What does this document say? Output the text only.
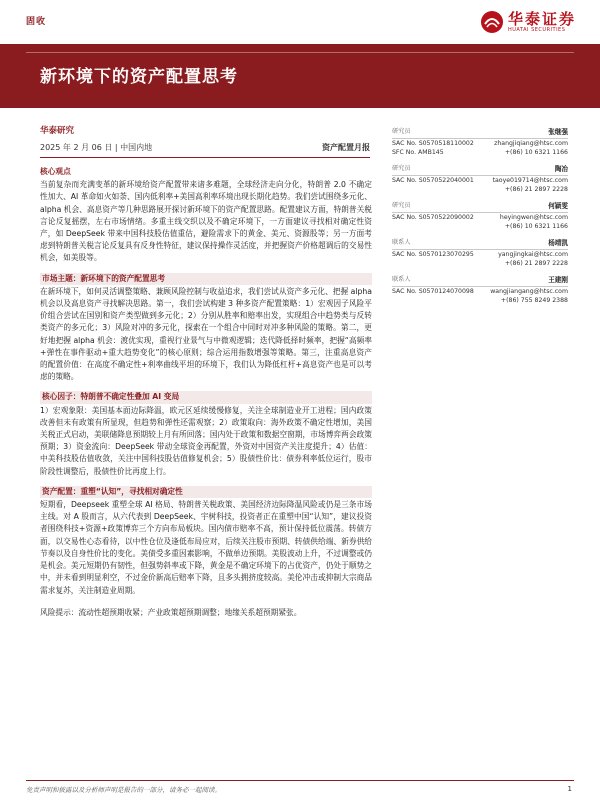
固收	华泰证券
HUATAI SECURITIES
新环境下的资产配置思考
华泰研究
2025 年 2 月 06 日 | 中国内地	资产配置月报
核心观点
当前复杂而充满变革的新环境给资产配置带来诸多难题，全球经济走向分化，特朗普 2.0 不确定性加大、AI 革命如火如荼、国内低利率+美国高利率环境出现长期化趋势。我们尝试围绕多元化、alpha 机会、高息资产等几种思路展开探讨新环境下的资产配置思路。配置建议方面，特朗普关税言论反复摇摆，左右市场情绪。多重主线交织以及不确定环境下，一方面建议寻找相对确定性资产，如 DeepSeek 带来中国科技股估值重估，避险需求下的黄金、美元、资源股等；另一方面考虑到特朗普关税言论反复具有反身性特征，建议保持操作灵活度，并把握资产价格超调后的交易性机会，如美股等。
市场主题：新环境下的资产配置思考
在新环境下，如何灵活调整策略、兼顾风险控制与收益追求，我们尝试从资产多元化、把握 alpha 机会以及高息资产寻找解决思路。第一，我们尝试构建 3 种多资产配置策略：1）宏观因子风险平价组合尝试在国别和资产类型做到多元化；2）分别从胜率和赔率出发，实现组合中趋势类与反转类资产的多元化；3）风险对冲的多元化，探索在一个组合中同时对冲多种风险的策略。第二，更好地把握 alpha 机会：渡优实现，重视行业景气与中微观逻辑；迭代降低择时频率，把握“高频率+弹性在事件驱动+重大趋势变化”的核心原则；综合运用指数增强等策略。第三，注重高息资产的配置价值：在高度不确定性+利率曲线平坦的环境下，我们认为降低杠杆+高息资产也是可以考虑的策略。
核心因子：特朗普不确定性叠加 AI 变局
1）宏观象限：美国基本面边际降温，欧元区延续缓慢修复，关注全球制造业开工进程；国内政策改善但未有政策有所显现，但趋势和弹性还需观察；2）政策取向：海外政策不确定性增加，美国关税正式启动，美联储降息预期较上月有所回落；国内处于政策和数据空窗期，市场博弈两会政策预期；3）资金流向：DeepSeek 带动全球资金再配置，外资对中国资产关注度提升；4）估值：中美科技股估值收敛，关注中国科技股估值修复机会；5）股债性价比：债券利率低位运行，股市阶段性调整后，股债性价比再度上行。
资产配置：重塑“认知”，寻找相对确定性
短期看，Deepseek 重塑全球 AI 格局、特朗普关税政策、美国经济边际降温风险或仍是三条市场主线。对 A 股而言，从六代表到 DeepSeek、宇树科技，投资者正在重塑中国“认知”，建议投资者围绕科技+资源+政策博弈三个方向布局板块。国内债市赔率不高，预计保持低位震荡。转债方面，以交易性心态看待，以中性仓位及逢低布局应对，后续关注股市预期、转债供给端、新券供给节奏以及自身性价比的变化。美债受多重因素影响，不做单边预期。美股波动上升，不过调整或仍是机会。美元短期仍有韧性，但强势斜率或下降，黄金是不确定环境下的占优资产，仍处于顺势之中，并未看到明显利空，不过金价新高后赔率下降，且多头拥挤度较高。美伦冲击或抑制大宗商品需求复苏，关注制造业周期。
风险提示：流动性超预期收紧；产业政策超预期调整；地缘关系超预期紧张。
研究员	张继强
SAC No. S0570518110002	zhangjiqiang@htsc.com
SFC No. AMB145	+(86) 10 6321 1166
研究员	陶冶
SAC No. S0570522040001	taoye019714@htsc.com
+(86) 21 2897 2228
研究员	何颖雯
SAC No. S0570522090002	heyingwen@htsc.com
+(86) 10 6321 1166
联系人	杨靖凯
SAC No. S0570123070295	yangjingkai@htsc.com
+(86) 21 2897 2228
联系人	王建刚
SAC No. S0570124070098	wangjiangang@htsc.com
+(86) 755 8249 2388
免责声明和披露以及分析师声明是报告的一部分，请务必一起阅读。	1
